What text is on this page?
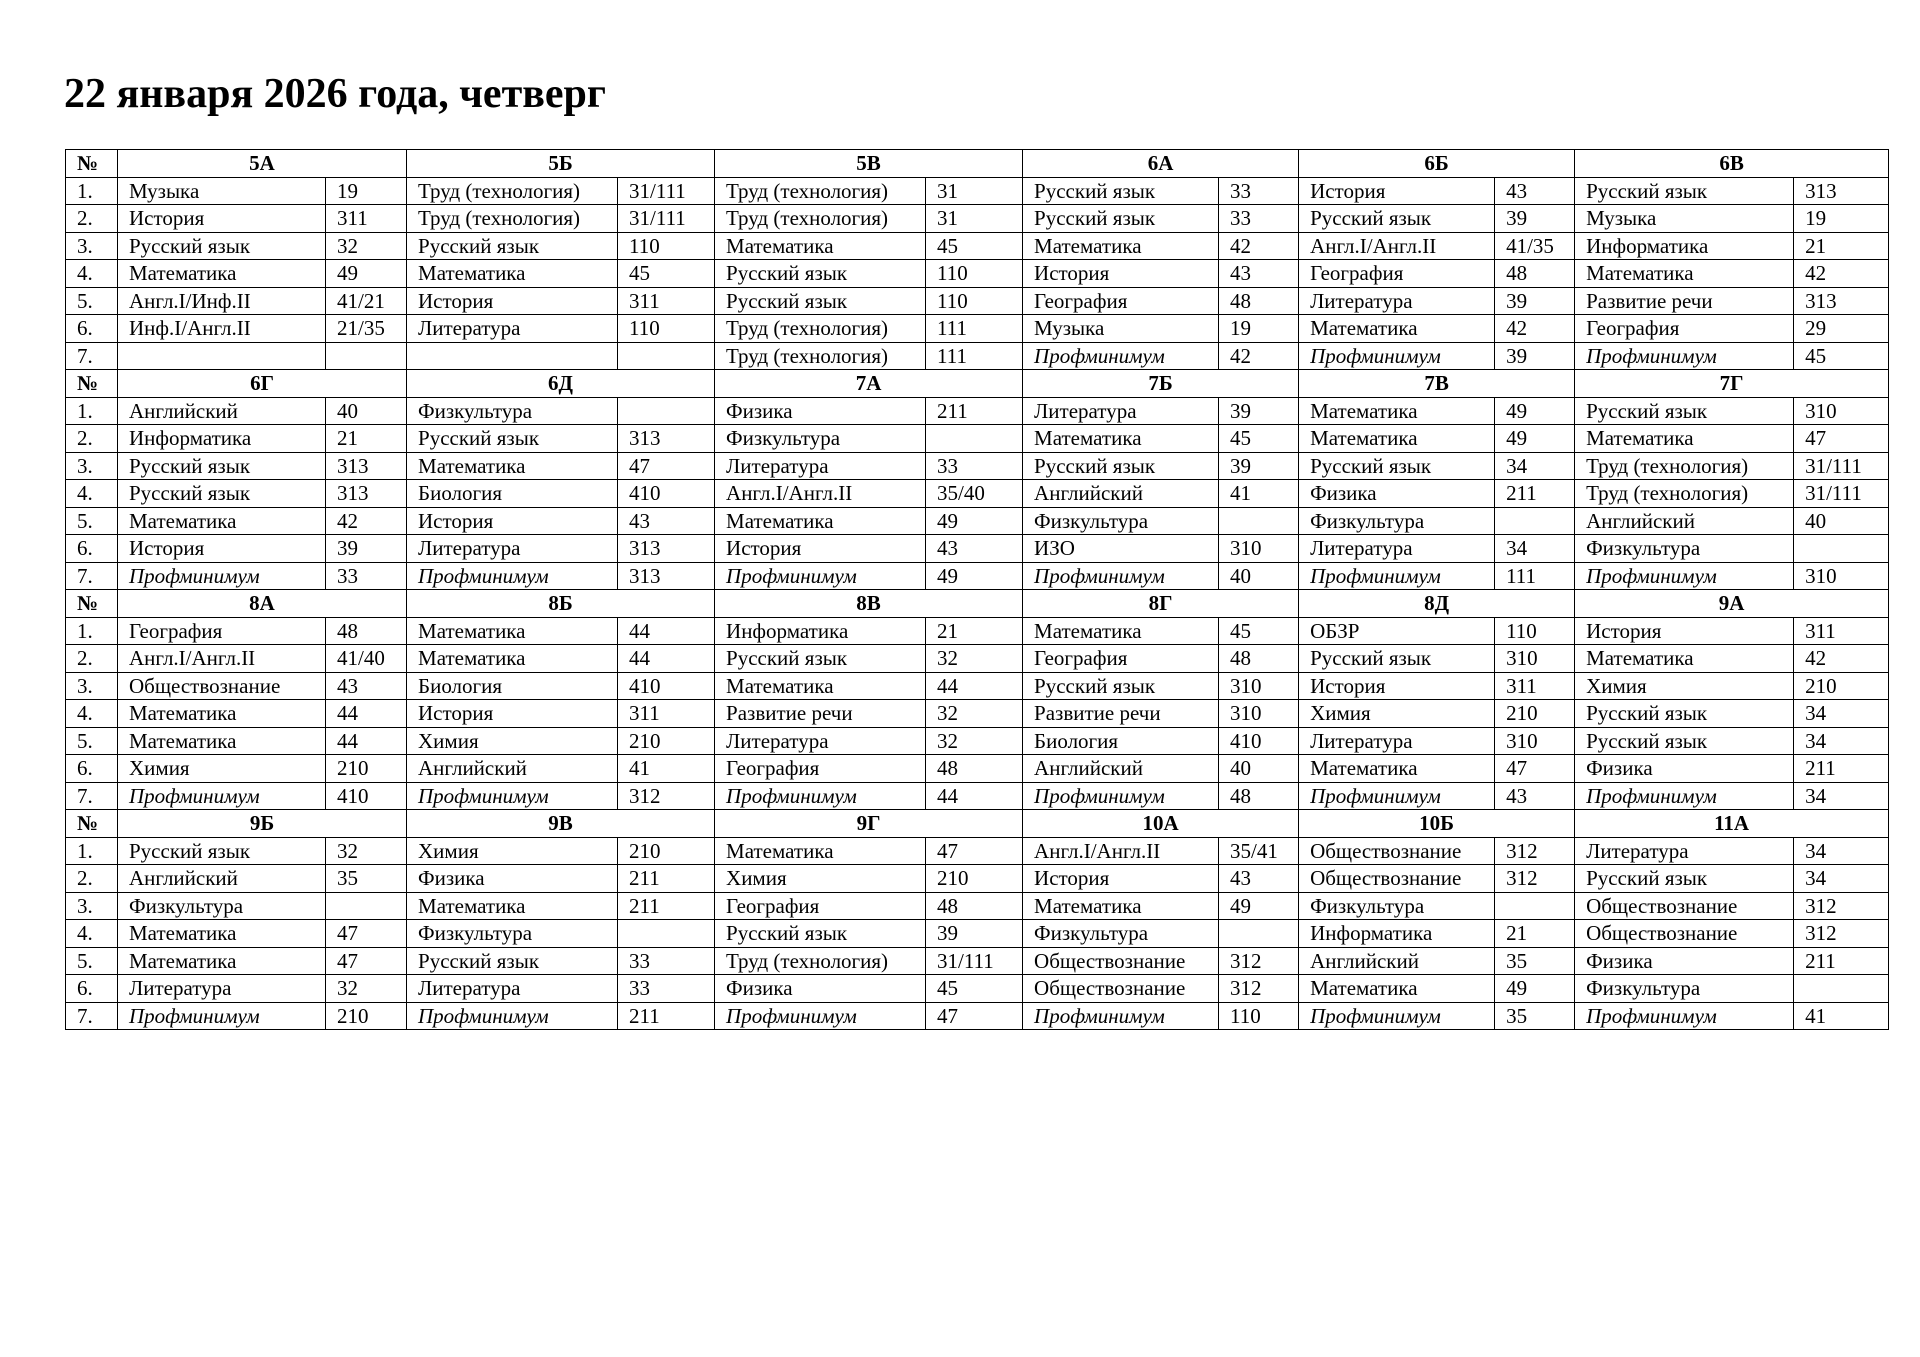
22 января 2026 года, четверг
№	5А		5Б		5В		6А		6Б		6В	
1.	Музыка	19	Труд (технология)	31/111	Труд (технология)	31	Русский язык	33	История	43	Русский язык	313
2.	История	311	Труд (технология)	31/111	Труд (технология)	31	Русский язык	33	Русский язык	39	Музыка	19
3.	Русский язык	32	Русский язык	110	Математика	45	Математика	42	Англ.I/Англ.II	41/35	Информатика	21
4.	Математика	49	Математика	45	Русский язык	110	История	43	География	48	Математика	42
5.	Англ.I/Инф.II	41/21	История	311	Русский язык	110	География	48	Литература	39	Развитие речи	313
6.	Инф.I/Англ.II	21/35	Литература	110	Труд (технология)	111	Музыка	19	Математика	42	География	29
7.					Труд (технология)	111	Профминимум	42	Профминимум	39	Профминимум	45
№	6Г		6Д		7А		7Б		7В		7Г	
1.	Английский	40	Физкультура		Физика	211	Литература	39	Математика	49	Русский язык	310
2.	Информатика	21	Русский язык	313	Физкультура		Математика	45	Математика	49	Математика	47
3.	Русский язык	313	Математика	47	Литература	33	Русский язык	39	Русский язык	34	Труд (технология)	31/111
4.	Русский язык	313	Биология	410	Англ.I/Англ.II	35/40	Английский	41	Физика	211	Труд (технология)	31/111
5.	Математика	42	История	43	Математика	49	Физкультура		Физкультура		Английский	40
6.	История	39	Литература	313	История	43	ИЗО	310	Литература	34	Физкультура	
7.	Профминимум	33	Профминимум	313	Профминимум	49	Профминимум	40	Профминимум	111	Профминимум	310
№	8А		8Б		8В		8Г		8Д		9А	
1.	География	48	Математика	44	Информатика	21	Математика	45	ОБЗР	110	История	311
2.	Англ.I/Англ.II	41/40	Математика	44	Русский язык	32	География	48	Русский язык	310	Математика	42
3.	Обществознание	43	Биология	410	Математика	44	Русский язык	310	История	311	Химия	210
4.	Математика	44	История	311	Развитие речи	32	Развитие речи	310	Химия	210	Русский язык	34
5.	Математика	44	Химия	210	Литература	32	Биология	410	Литература	310	Русский язык	34
6.	Химия	210	Английский	41	География	48	Английский	40	Математика	47	Физика	211
7.	Профминимум	410	Профминимум	312	Профминимум	44	Профминимум	48	Профминимум	43	Профминимум	34
№	9Б		9В		9Г		10А		10Б		11А	
1.	Русский язык	32	Химия	210	Математика	47	Англ.I/Англ.II	35/41	Обществознание	312	Литература	34
2.	Английский	35	Физика	211	Химия	210	История	43	Обществознание	312	Русский язык	34
3.	Физкультура		Математика	211	География	48	Математика	49	Физкультура		Обществознание	312
4.	Математика	47	Физкультура		Русский язык	39	Физкультура		Информатика	21	Обществознание	312
5.	Математика	47	Русский язык	33	Труд (технология)	31/111	Обществознание	312	Английский	35	Физика	211
6.	Литература	32	Литература	33	Физика	45	Обществознание	312	Математика	49	Физкультура	
7.	Профминимум	210	Профминимум	211	Профминимум	47	Профминимум	110	Профминимум	35	Профминимум	41
